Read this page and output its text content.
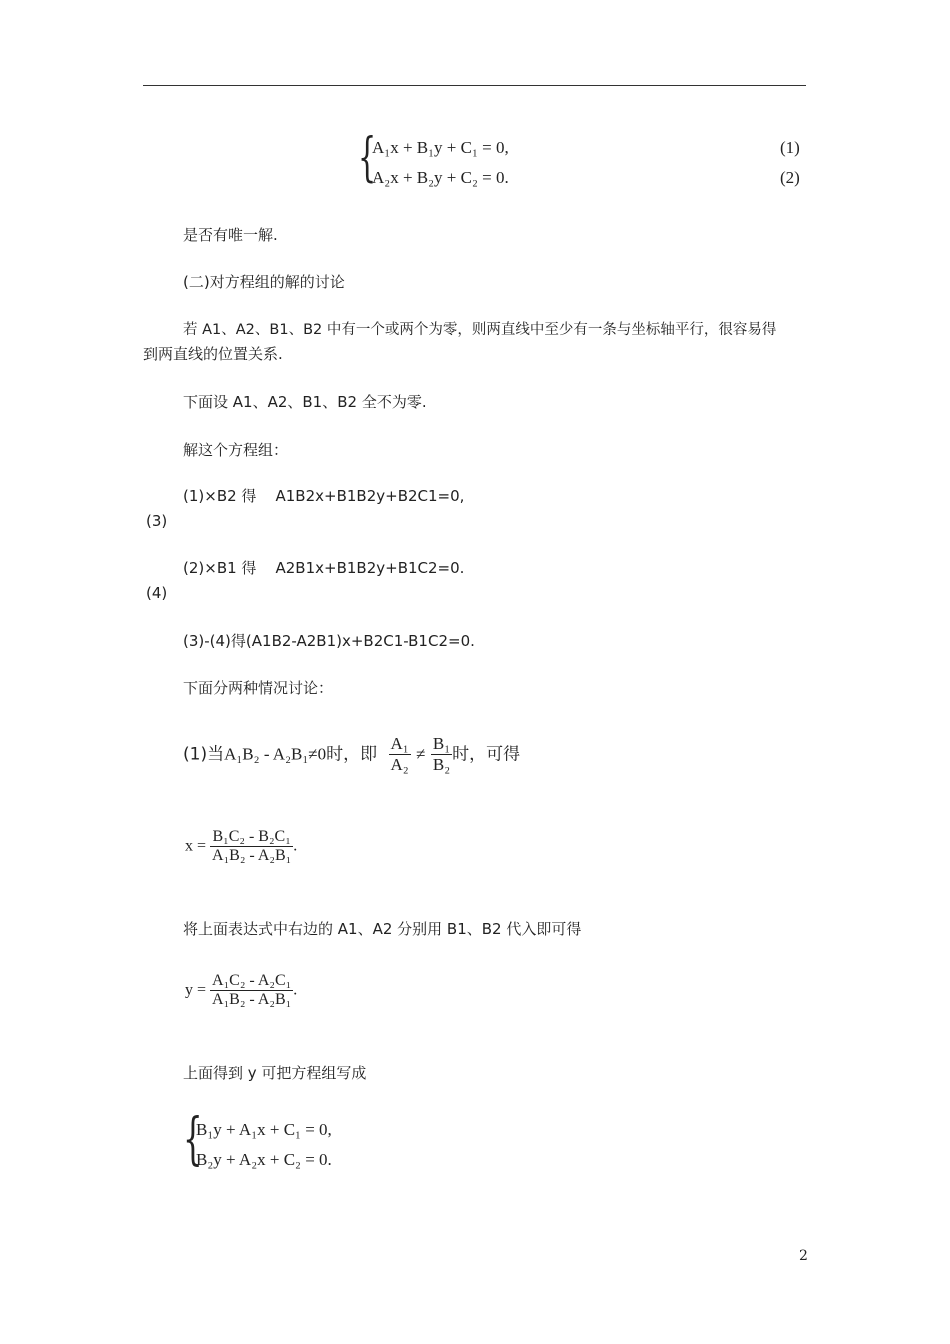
{
A₁x + B₁y + C₁ = 0,	(1)
A₂x + B₂y + C₂ = 0.	(2)
是否有唯一解.
(二)对方程组的解的讨论
若 A1、A2、B1、B2 中有一个或两个为零，则两直线中至少有一条与坐标轴平行，很容易得
到两直线的位置关系.
下面设 A1、A2、B1、B2 全不为零.
解这个方程组：
(1)×B2 得    A1B2x+B1B2y+B2C1=0,
(3)
(2)×B1 得    A2B1x+B1B2y+B1C2=0.
(4)
(3)-(4)得(A1B2-A2B1)x+B2C1-B1C2=0.
下面分两种情况讨论：
(1)当A₁B₂ - A₂B₁≠0时，即 $\frac{\text{A₁}}{\text{A₂}} \ne \frac{\text{B₁}}{\text{B₂}}$ 时，可得
$x = \frac{\text{B₁C₂ - B₂C₁}}{\text{A₁B₂ - A₂B₁}}$ .
将上面表达式中右边的 A1、A2 分别用 B1、B2 代入即可得
$y = \frac{\text{A₁C₂ - A₂C₁}}{\text{A₁B₂ - A₂B₁}}$ .
上面得到 y 可把方程组写成
{
B₁y + A₁x + C₁ = 0,
B₂y + A₂x + C₂ = 0.
2
